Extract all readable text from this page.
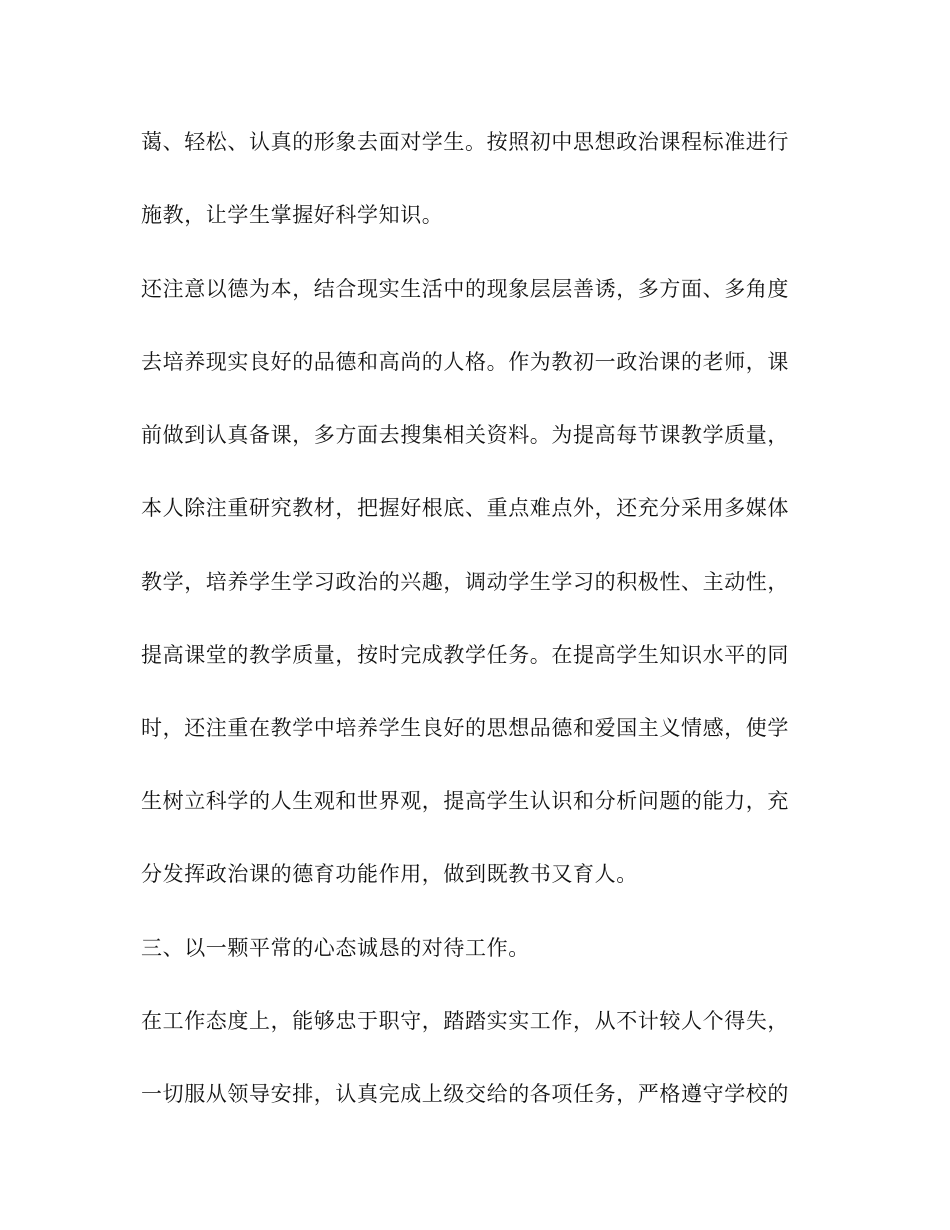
蔼、轻松、认真的形象去面对学生。按照初中思想政治课程标准进行
施教，让学生掌握好科学知识。
还注意以德为本，结合现实生活中的现象层层善诱，多方面、多角度
去培养现实良好的品德和高尚的人格。作为教初一政治课的老师，课
前做到认真备课，多方面去搜集相关资料。为提高每节课教学质量，
本人除注重研究教材，把握好根底、重点难点外，还充分采用多媒体
教学，培养学生学习政治的兴趣，调动学生学习的积极性、主动性，
提高课堂的教学质量，按时完成教学任务。在提高学生知识水平的同
时，还注重在教学中培养学生良好的思想品德和爱国主义情感，使学
生树立科学的人生观和世界观，提高学生认识和分析问题的能力，充
分发挥政治课的德育功能作用，做到既教书又育人。
三、以一颗平常的心态诚恳的对待工作。
在工作态度上，能够忠于职守，踏踏实实工作，从不计较人个得失，
一切服从领导安排，认真完成上级交给的各项任务，严格遵守学校的
